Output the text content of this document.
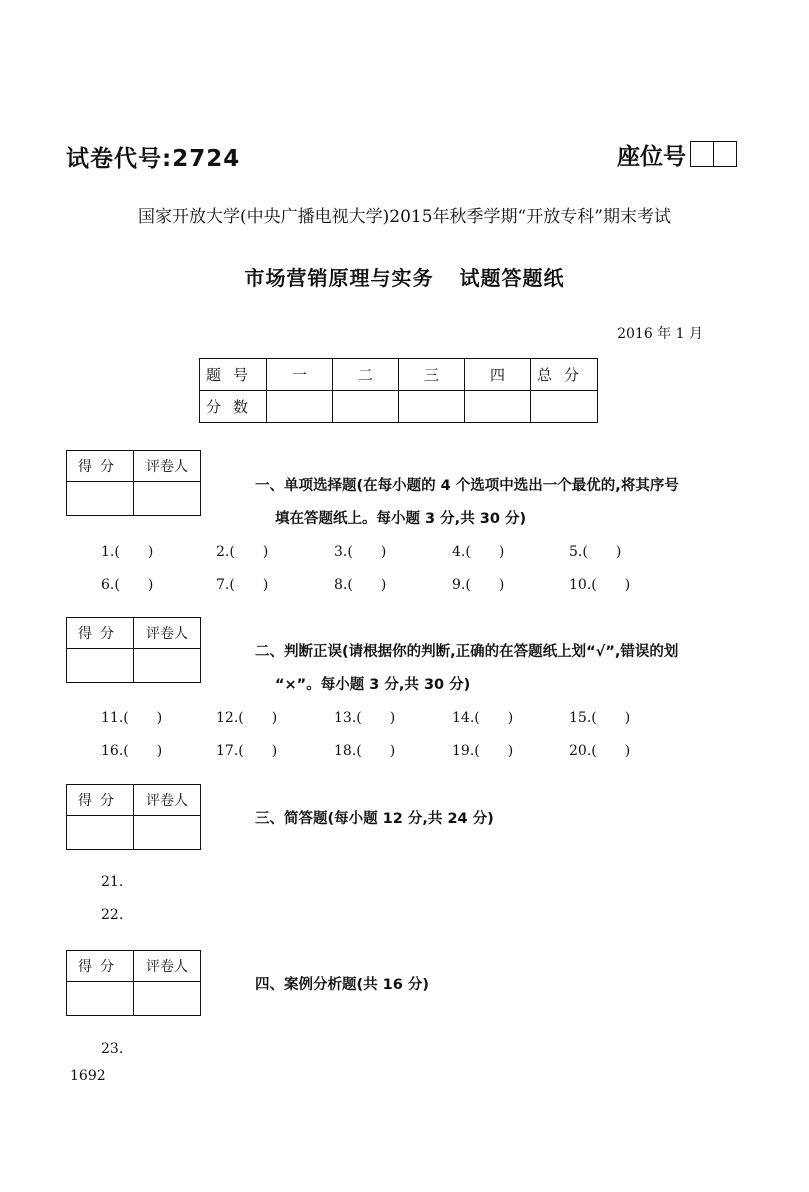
试卷代号:2724	座位号
国家开放大学(中央广播电视大学)2015年秋季学期“开放专科”期末考试
市场营销原理与实务 试题答题纸
2016 年 1 月
题号	一	二	三	四	总分
分数					
得分	评卷人

一、单项选择题(在每小题的 4 个选项中选出一个最优的,将其序号
填在答题纸上。每小题 3 分,共 30 分)
1.(　　)	2.(　　)	3.(　　)	4.(　　)	5.(　　)
6.(　　)	7.(　　)	8.(　　)	9.(　　)	10.(　　)
得分	评卷人

二、判断正误(请根据你的判断,正确的在答题纸上划“√”,错误的划
“×”。每小题 3 分,共 30 分)
11.(　　)	12.(　　)	13.(　　)	14.(　　)	15.(　　)
16.(　　)	17.(　　)	18.(　　)	19.(　　)	20.(　　)
得分	评卷人

三、简答题(每小题 12 分,共 24 分)
21.
22.
得分	评卷人

四、案例分析题(共 16 分)
23.
1692
